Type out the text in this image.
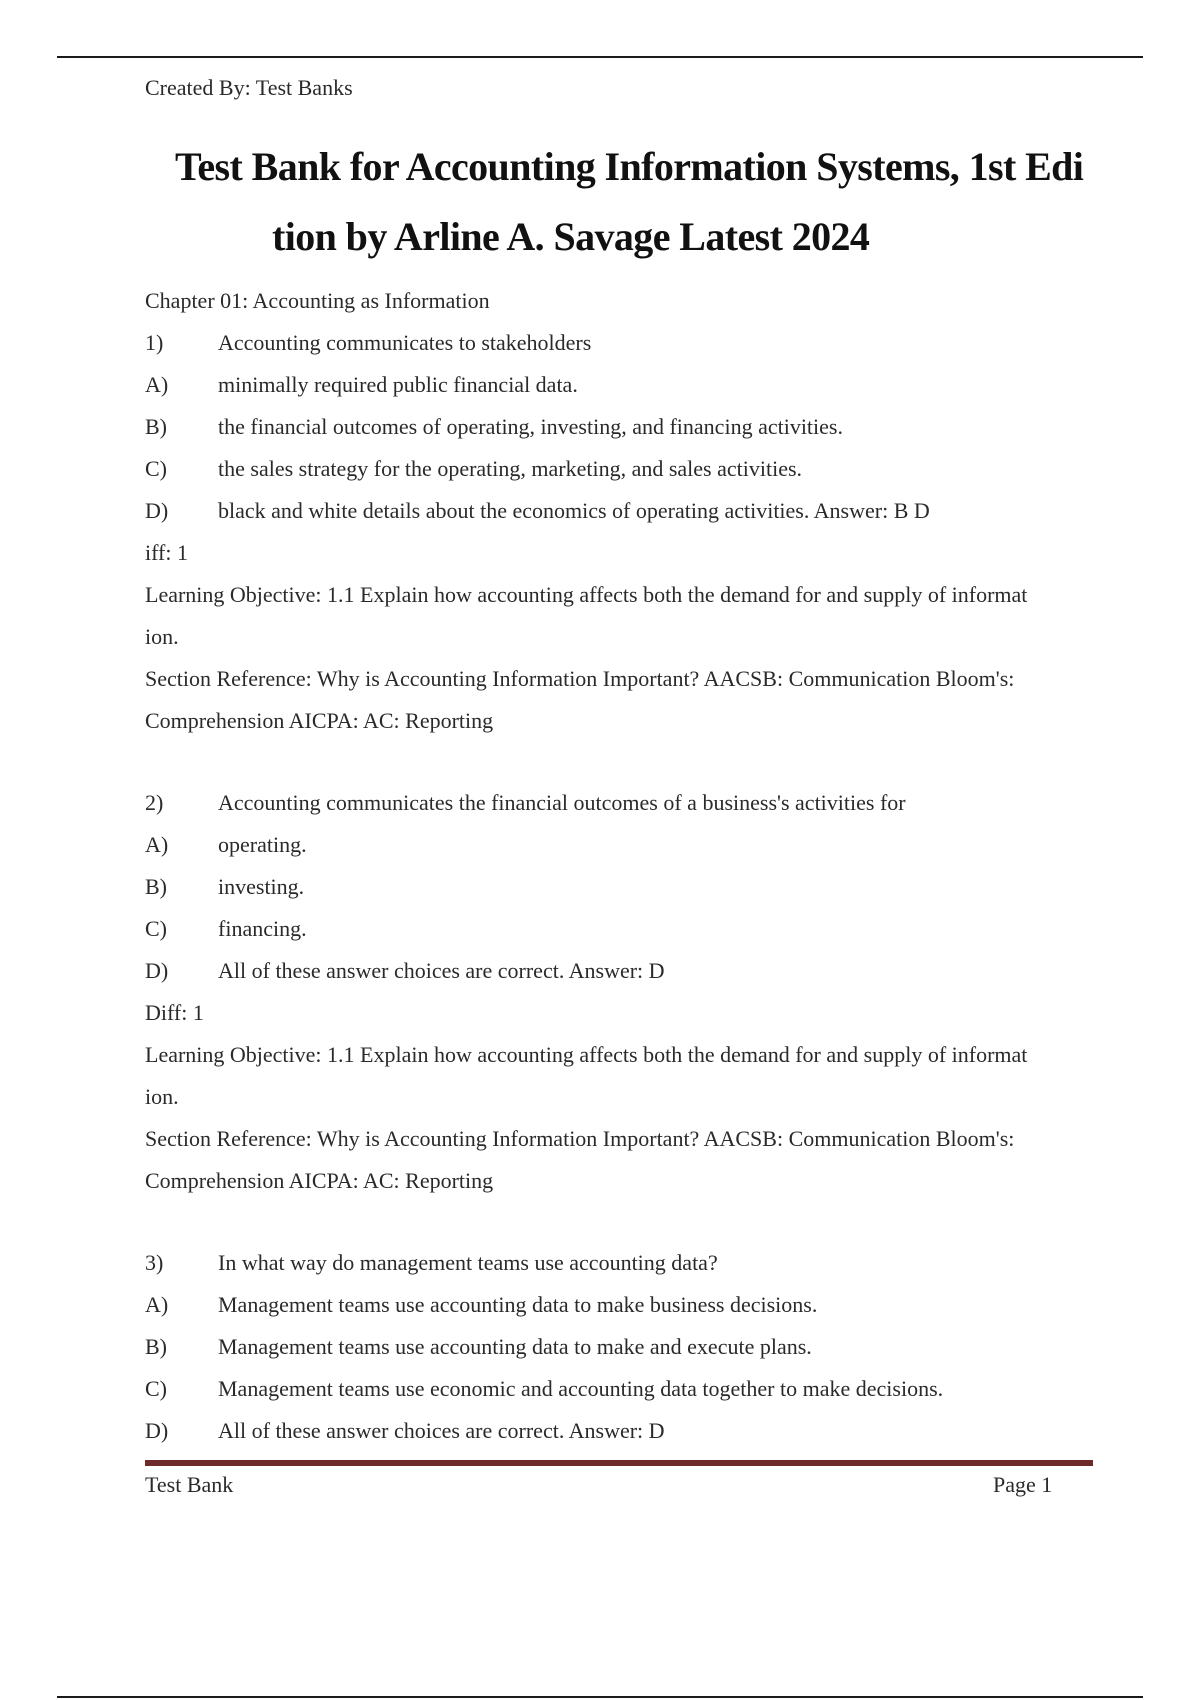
Created By: Test Banks
Test Bank for Accounting Information Systems, 1st Edi
tion by Arline A. Savage Latest 2024
Chapter 01: Accounting as Information
1) Accounting communicates to stakeholders
A) minimally required public financial data.
B) the financial outcomes of operating, investing, and financing activities.
C) the sales strategy for the operating, marketing, and sales activities.
D) black and white details about the economics of operating activities. Answer: B D
iff: 1
Learning Objective: 1.1 Explain how accounting affects both the demand for and supply of informat
ion.
Section Reference: Why is Accounting Information Important? AACSB: Communication Bloom's:
Comprehension AICPA: AC: Reporting
2) Accounting communicates the financial outcomes of a business's activities for
A) operating.
B) investing.
C) financing.
D) All of these answer choices are correct. Answer: D
Diff: 1
Learning Objective: 1.1 Explain how accounting affects both the demand for and supply of informat
ion.
Section Reference: Why is Accounting Information Important? AACSB: Communication Bloom's:
Comprehension AICPA: AC: Reporting
3) In what way do management teams use accounting data?
A) Management teams use accounting data to make business decisions.
B) Management teams use accounting data to make and execute plans.
C) Management teams use economic and accounting data together to make decisions.
D) All of these answer choices are correct. Answer: D
Test Bank	Page 1
